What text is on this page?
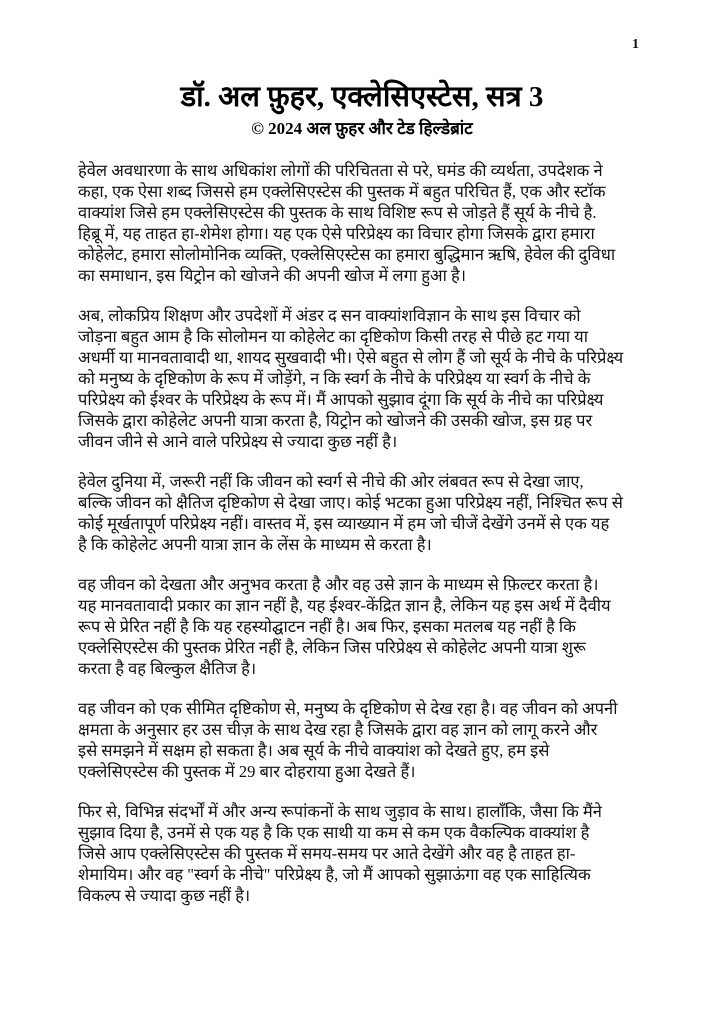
1
डॉ. अल फ़ुहर, एक्लेसिएस्टेस, सत्र 3
© 2024 अल फ़ुहर और टेड हिल्डेब्रांट

हेवेल अवधारणा के साथ अधिकांश लोगों की परिचितता से परे, घमंड की व्यर्थता, उपदेशक ने
कहा, एक ऐसा शब्द जिससे हम एक्लेसिएस्टेस की पुस्तक में बहुत परिचित हैं, एक और स्टॉक
वाक्यांश जिसे हम एक्लेसिएस्टेस की पुस्तक के साथ विशिष्ट रूप से जोड़ते हैं सूर्य के नीचे है.
हिब्रू में, यह ताहत हा-शेमेश होगा। यह एक ऐसे परिप्रेक्ष्य का विचार होगा जिसके द्वारा हमारा
कोहेलेट, हमारा सोलोमोनिक व्यक्ति, एक्लेसिएस्टेस का हमारा बुद्धिमान ऋषि, हेवेल की दुविधा
का समाधान, इस यिट्रोन को खोजने की अपनी खोज में लगा हुआ है।

अब, लोकप्रिय शिक्षण और उपदेशों में अंडर द सन वाक्यांशविज्ञान के साथ इस विचार को
जोड़ना बहुत आम है कि सोलोमन या कोहेलेट का दृष्टिकोण किसी तरह से पीछे हट गया या
अधर्मी या मानवतावादी था, शायद सुखवादी भी। ऐसे बहुत से लोग हैं जो सूर्य के नीचे के परिप्रेक्ष्य
को मनुष्य के दृष्टिकोण के रूप में जोड़ेंगे, न कि स्वर्ग के नीचे के परिप्रेक्ष्य या स्वर्ग के नीचे के
परिप्रेक्ष्य को ईश्वर के परिप्रेक्ष्य के रूप में। मैं आपको सुझाव दूंगा कि सूर्य के नीचे का परिप्रेक्ष्य
जिसके द्वारा कोहेलेट अपनी यात्रा करता है, यिट्रोन को खोजने की उसकी खोज, इस ग्रह पर
जीवन जीने से आने वाले परिप्रेक्ष्य से ज्यादा कुछ नहीं है।

हेवेल दुनिया में, जरूरी नहीं कि जीवन को स्वर्ग से नीचे की ओर लंबवत रूप से देखा जाए,
बल्कि जीवन को क्षैतिज दृष्टिकोण से देखा जाए। कोई भटका हुआ परिप्रेक्ष्य नहीं, निश्चित रूप से
कोई मूर्खतापूर्ण परिप्रेक्ष्य नहीं। वास्तव में, इस व्याख्यान में हम जो चीजें देखेंगे उनमें से एक यह
है कि कोहेलेट अपनी यात्रा ज्ञान के लेंस के माध्यम से करता है।

वह जीवन को देखता और अनुभव करता है और वह उसे ज्ञान के माध्यम से फ़िल्टर करता है।
यह मानवतावादी प्रकार का ज्ञान नहीं है, यह ईश्वर-केंद्रित ज्ञान है, लेकिन यह इस अर्थ में दैवीय
रूप से प्रेरित नहीं है कि यह रहस्योद्घाटन नहीं है। अब फिर, इसका मतलब यह नहीं है कि
एक्लेसिएस्टेस की पुस्तक प्रेरित नहीं है, लेकिन जिस परिप्रेक्ष्य से कोहेलेट अपनी यात्रा शुरू
करता है वह बिल्कुल क्षैतिज है।

वह जीवन को एक सीमित दृष्टिकोण से, मनुष्य के दृष्टिकोण से देख रहा है। वह जीवन को अपनी
क्षमता के अनुसार हर उस चीज़ के साथ देख रहा है जिसके द्वारा वह ज्ञान को लागू करने और
इसे समझने में सक्षम हो सकता है। अब सूर्य के नीचे वाक्यांश को देखते हुए, हम इसे
एक्लेसिएस्टेस की पुस्तक में 29 बार दोहराया हुआ देखते हैं।

फिर से, विभिन्न संदर्भों में और अन्य रूपांकनों के साथ जुड़ाव के साथ। हालाँकि, जैसा कि मैंने
सुझाव दिया है, उनमें से एक यह है कि एक साथी या कम से कम एक वैकल्पिक वाक्यांश है
जिसे आप एक्लेसिएस्टेस की पुस्तक में समय-समय पर आते देखेंगे और वह है ताहत हा-
शेमायिम। और वह "स्वर्ग के नीचे" परिप्रेक्ष्य है, जो मैं आपको सुझाऊंगा वह एक साहित्यिक
विकल्प से ज्यादा कुछ नहीं है।
